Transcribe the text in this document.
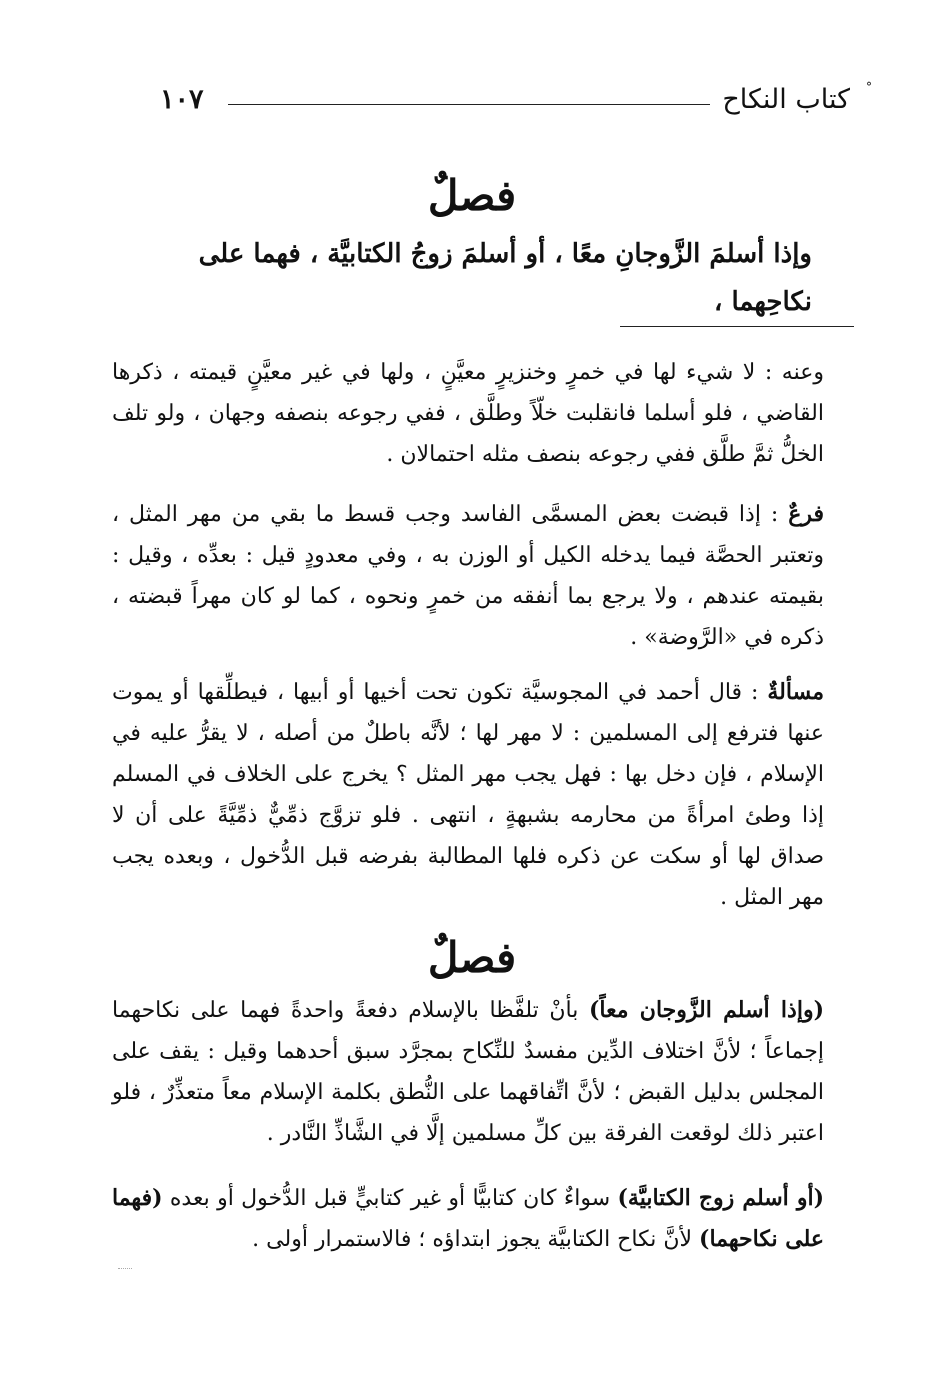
°
كتاب النكاح
١٠٧
فصلٌ
وإذا أسلمَ الزَّوجانِ معًا ، أو أسلمَ زوجُ الكتابيَّة ، فهما على نكاحِهما ،
وعنه : لا شيء لها في خمرٍ وخنزيرٍ معيَّنٍ ، ولها في غير معيَّنٍ قيمته ، ذكرها القاضي ، فلو أسلما فانقلبت خلّاً وطلَّق ، ففي رجوعه بنصفه وجهان ، ولو تلف الخلُّ ثمَّ طلَّق ففي رجوعه بنصف مثله احتمالان .
فرعٌ : إذا قبضت بعض المسمَّى الفاسد وجب قسط ما بقي من مهر المثل ، وتعتبر الحصَّة فيما يدخله الكيل أو الوزن به ، وفي معدودٍ قيل : بعدِّه ، وقيل : بقيمته عندهم ، ولا يرجع بما أنفقه من خمرٍ ونحوه ، كما لو كان مهراً قبضته ، ذكره في «الرَّوضة» .
مسألةٌ : قال أحمد في المجوسيَّة تكون تحت أخيها أو أبيها ، فيطلِّقها أو يموت عنها فترفع إلى المسلمين : لا مهر لها ؛ لأنَّه باطلٌ من أصله ، لا يقرُّ عليه في الإسلام ، فإن دخل بها : فهل يجب مهر المثل ؟ يخرج على الخلاف في المسلم إذا وطئ امرأةً من محارمه بشبهةٍ ، انتهى . فلو تزوَّج ذمِّيٌّ ذمِّيَّةً على أن لا صداق لها أو سكت عن ذكره فلها المطالبة بفرضه قبل الدُّخول ، وبعده يجب مهر المثل .
فصلٌ
(وإذا أسلم الزَّوجان معاً) بأنْ تلفَّظا بالإسلام دفعةً واحدةً فهما على نكاحهما إجماعاً ؛ لأنَّ اختلاف الدِّين مفسدٌ للنِّكاح بمجرَّد سبق أحدهما وقيل : يقف على المجلس بدليل القبض ؛ لأنَّ اتِّفاقهما على النُّطق بكلمة الإسلام معاً متعذِّرٌ ، فلو اعتبر ذلك لوقعت الفرقة بين كلِّ مسلمين إلَّا في الشَّاذِّ النَّادر .
(أو أسلم زوج الكتابيَّة) سواءٌ كان كتابيًّا أو غير كتابيٍّ قبل الدُّخول أو بعده (فهما على نكاحهما) لأنَّ نكاح الكتابيَّة يجوز ابتداؤه ؛ فالاستمرار أولى .
